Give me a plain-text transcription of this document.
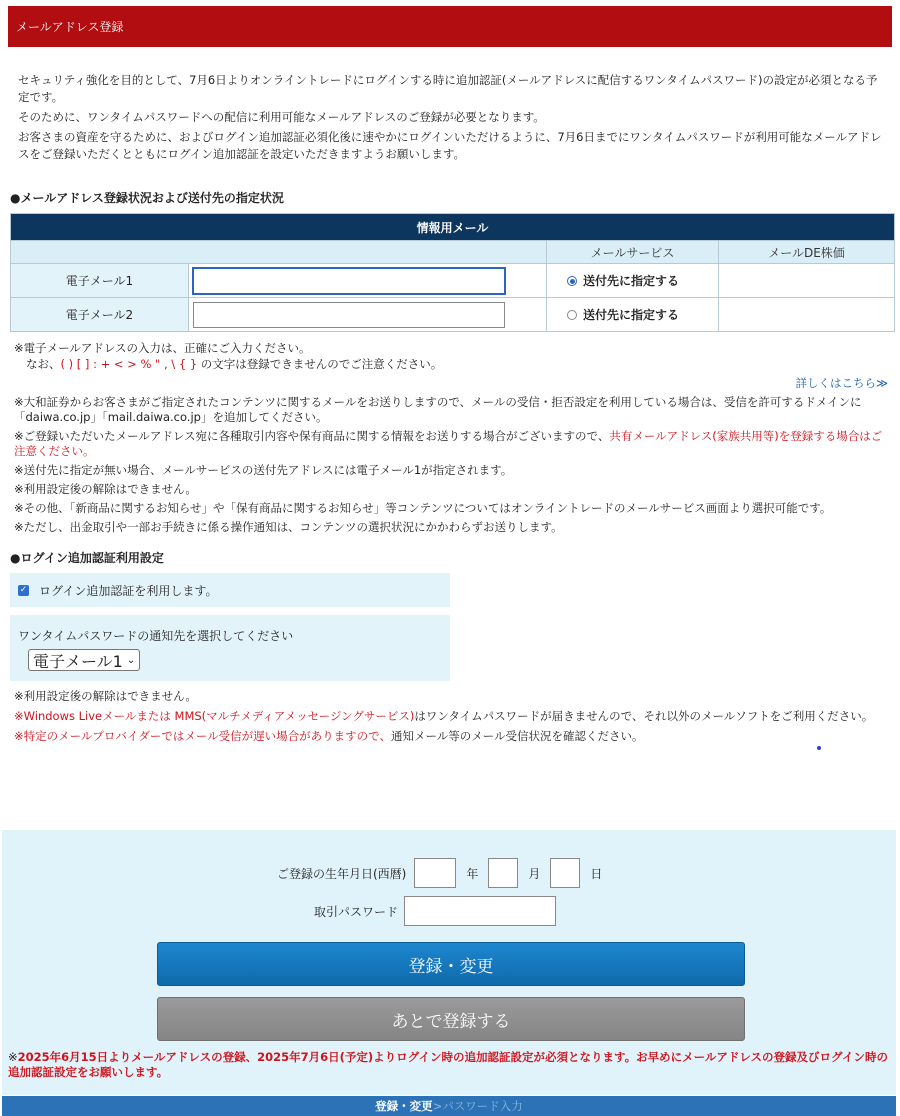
メールアドレス登録

セキュリティ強化を目的として、7月6日よりオンライントレードにログインする時に追加認証(メールアドレスに配信するワンタイムパスワード)の設定が必須となる予定です。

そのために、ワンタイムパスワードへの配信に利用可能なメールアドレスのご登録が必要となります。

お客さまの資産を守るために、およびログイン追加認証必須化後に速やかにログインいただけるように、7月6日までにワンタイムパスワードが利用可能なメールアドレスをご登録いただくとともにログイン追加認証を設定いただきますようお願いします。

●メールアドレス登録状況および送付先の指定状況
情報用メール			
		メールサービス	メールDE株価
電子メール1		送付先に指定する	
電子メール2		送付先に指定する	
※電子メールアドレスの入力は、正確にご入力ください。
なお、( ) [ ] : + < > % " , \ { } の文字は登録できませんのでご注意ください。
詳しくはこちら≫
※大和証券からお客さまがご指定されたコンテンツに関するメールをお送りしますので、メールの受信・拒否設定を利用している場合は、受信を許可するドメインに「daiwa.co.jp」「mail.daiwa.co.jp」を追加してください。
※ご登録いただいたメールアドレス宛に各種取引内容や保有商品に関する情報をお送りする場合がございますので、共有メールアドレス(家族共用等)を登録する場合はご注意ください。
※送付先に指定が無い場合、メールサービスの送付先アドレスには電子メール1が指定されます。
※利用設定後の解除はできません。
※その他、「新商品に関するお知らせ」や「保有商品に関するお知らせ」等コンテンツについてはオンライントレードのメールサービス画面より選択可能です。
※ただし、出金取引や一部お手続きに係る操作通知は、コンテンツの選択状況にかかわらずお送りします。
●ログイン追加認証利用設定
✓ ログイン追加認証を利用します。
ワンタイムパスワードの通知先を選択してください
電子メール1 ⌄
※利用設定後の解除はできません。
※Windows Liveメールまたは MMS(マルチメディアメッセージングサービス)はワンタイムパスワードが届きませんので、それ以外のメールソフトをご利用ください。
※特定のメールプロバイダーではメール受信が遅い場合がありますので、通知メール等のメール受信状況を確認ください。
ご登録の生年月日(西暦)	年	月	日
取引パスワード
登録・変更
あとで登録する
※2025年6月15日よりメールアドレスの登録、2025年7月6日(予定)よりログイン時の追加認証設定が必須となります。お早めにメールアドレスの登録及びログイン時の追加認証設定をお願いします。
登録・変更 > パスワード入力
